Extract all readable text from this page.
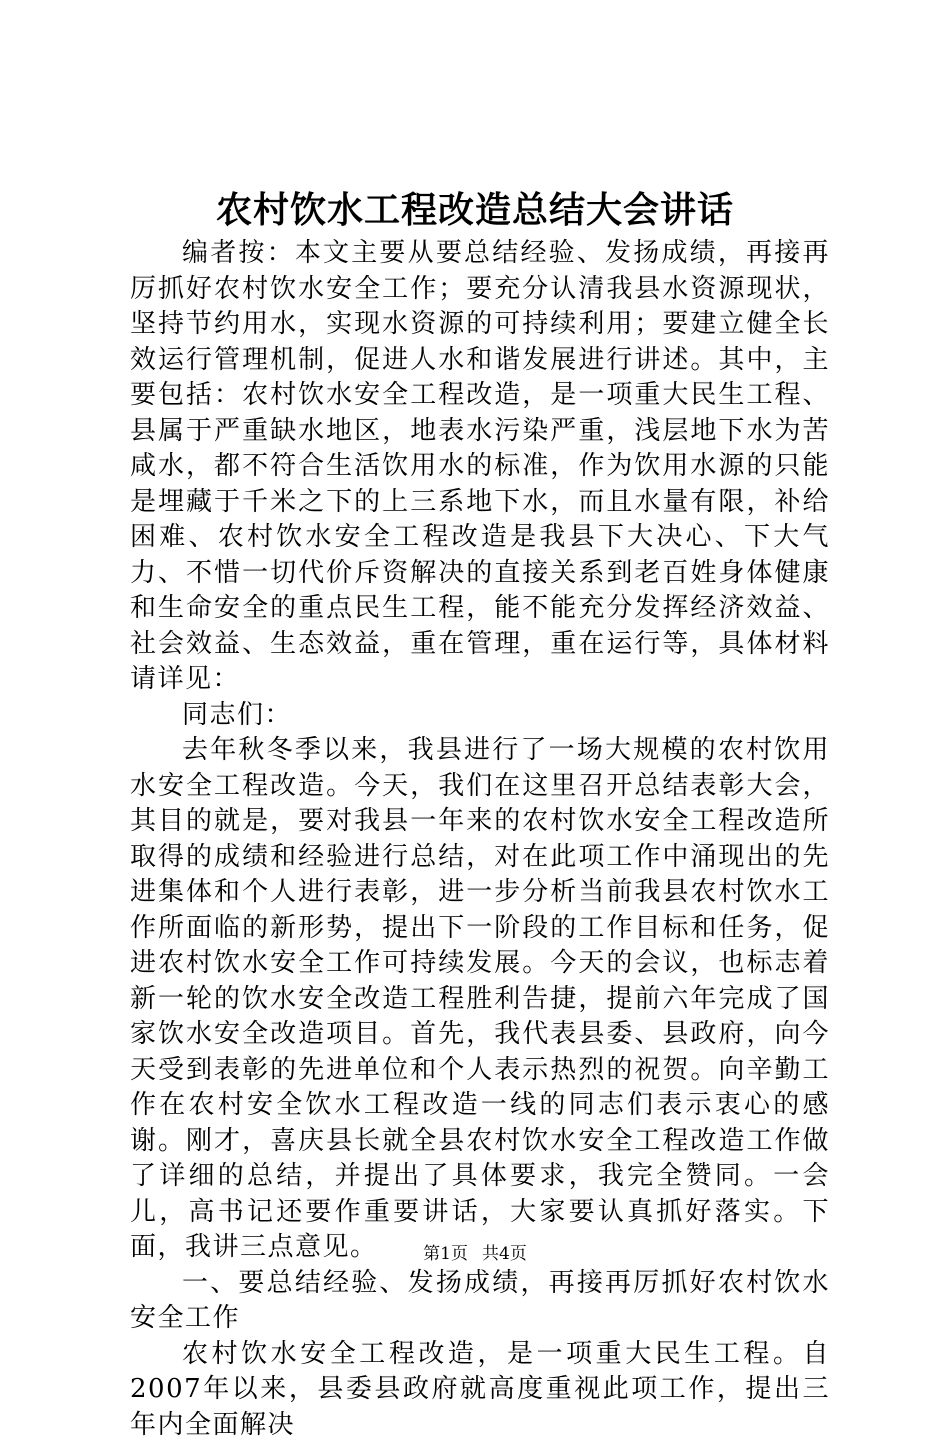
农村饮水工程改造总结大会讲话

编者按：本文主要从要总结经验、发扬成绩，再接再厉抓好农村饮水安全工作；要充分认清我县水资源现状，坚持节约用水，实现水资源的可持续利用；要建立健全长效运行管理机制，促进人水和谐发展进行讲述。其中，主要包括：农村饮水安全工程改造，是一项重大民生工程、县属于严重缺水地区，地表水污染严重，浅层地下水为苦咸水，都不符合生活饮用水的标准，作为饮用水源的只能是埋藏于千米之下的上三系地下水，而且水量有限，补给困难、农村饮水安全工程改造是我县下大决心、下大气力、不惜一切代价斥资解决的直接关系到老百姓身体健康和生命安全的重点民生工程，能不能充分发挥经济效益、社会效益、生态效益，重在管理，重在运行等，具体材料请详见：

同志们：

去年秋冬季以来，我县进行了一场大规模的农村饮用水安全工程改造。今天，我们在这里召开总结表彰大会，其目的就是，要对我县一年来的农村饮水安全工程改造所取得的成绩和经验进行总结，对在此项工作中涌现出的先进集体和个人进行表彰，进一步分析当前我县农村饮水工作所面临的新形势，提出下一阶段的工作目标和任务，促进农村饮水安全工作可持续发展。今天的会议，也标志着新一轮的饮水安全改造工程胜利告捷，提前六年完成了国家饮水安全改造项目。首先，我代表县委、县政府，向今天受到表彰的先进单位和个人表示热烈的祝贺。向辛勤工作在农村安全饮水工程改造一线的同志们表示衷心的感谢。刚才，喜庆县长就全县农村饮水安全工程改造工作做了详细的总结，并提出了具体要求，我完全赞同。一会儿，高书记还要作重要讲话，大家要认真抓好落实。下面，我讲三点意见。

一、要总结经验、发扬成绩，再接再厉抓好农村饮水安全工作

农村饮水安全工程改造，是一项重大民生工程。自2007年以来，县委县政府就高度重视此项工作，提出三年内全面解决

第1页 共4页
